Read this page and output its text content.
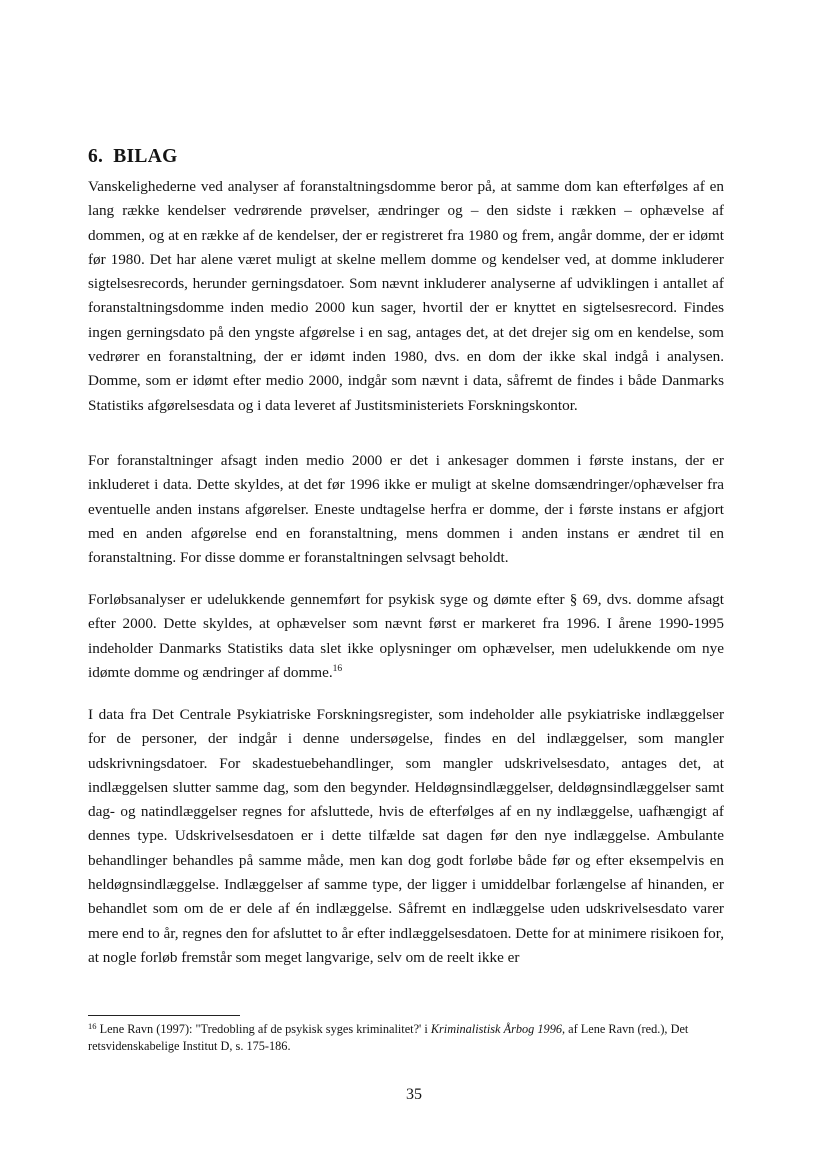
6. BILAG

Vanskelighederne ved analyser af foranstaltningsdomme beror på, at samme dom kan efterfølges af en lang række kendelser vedrørende prøvelser, ændringer og – den sidste i rækken – ophævelse af dommen, og at en række af de kendelser, der er registreret fra 1980 og frem, angår domme, der er idømt før 1980. Det har alene været muligt at skelne mellem domme og kendelser ved, at domme inkluderer sigtelsesrecords, herunder gerningsdatoer. Som nævnt inkluderer analyserne af udviklingen i antallet af foranstaltningsdomme inden medio 2000 kun sager, hvortil der er knyttet en sigtelsesrecord. Findes ingen gerningsdato på den yngste afgørelse i en sag, antages det, at det drejer sig om en kendelse, som vedrører en foranstaltning, der er idømt inden 1980, dvs. en dom der ikke skal indgå i analysen. Domme, som er idømt efter medio 2000, indgår som nævnt i data, såfremt de findes i både Danmarks Statistiks afgørelsesdata og i data leveret af Justitsministeriets Forskningskontor.

For foranstaltninger afsagt inden medio 2000 er det i ankesager dommen i første instans, der er inkluderet i data. Dette skyldes, at det før 1996 ikke er muligt at skelne domsændringer/ophævelser fra eventuelle anden instans afgørelser. Eneste undtagelse herfra er domme, der i første instans er afgjort med en anden afgørelse end en foranstaltning, mens dommen i anden instans er ændret til en foranstaltning. For disse domme er foranstaltningen selvsagt beholdt.

Forløbsanalyser er udelukkende gennemført for psykisk syge og dømte efter § 69, dvs. domme afsagt efter 2000. Dette skyldes, at ophævelser som nævnt først er markeret fra 1996. I årene 1990-1995 indeholder Danmarks Statistiks data slet ikke oplysninger om ophævelser, men udelukkende om nye idømte domme og ændringer af domme.$^{16}$

I data fra Det Centrale Psykiatriske Forskningsregister, som indeholder alle psykiatriske indlæggelser for de personer, der indgår i denne undersøgelse, findes en del indlæggelser, som mangler udskrivningsdatoer. For skadestuebehandlinger, som mangler udskrivelsesdato, antages det, at indlæggelsen slutter samme dag, som den begynder. Heldøgnsindlæggelser, deldøgnsindlæggelser samt dag- og natindlæggelser regnes for afsluttede, hvis de efterfølges af en ny indlæggelse, uafhængigt af dennes type. Udskrivelsesdatoen er i dette tilfælde sat dagen før den nye indlæggelse. Ambulante behandlinger behandles på samme måde, men kan dog godt forløbe både før og efter eksempelvis en heldøgnsindlæggelse. Indlæggelser af samme type, der ligger i umiddelbar forlængelse af hinanden, er behandlet som om de er dele af én indlæggelse. Såfremt en indlæggelse uden udskrivelsesdato varer mere end to år, regnes den for afsluttet to år efter indlæggelsesdatoen. Dette for at minimere risikoen for, at nogle forløb fremstår som meget langvarige, selv om de reelt ikke er

$^{16}$ Lene Ravn (1997): "Tredobling af de psykisk syges kriminalitet?' i Kriminalistisk Årbog 1996, af Lene Ravn (red.), Det retsvidenskabelige Institut D, s. 175-186.

35
